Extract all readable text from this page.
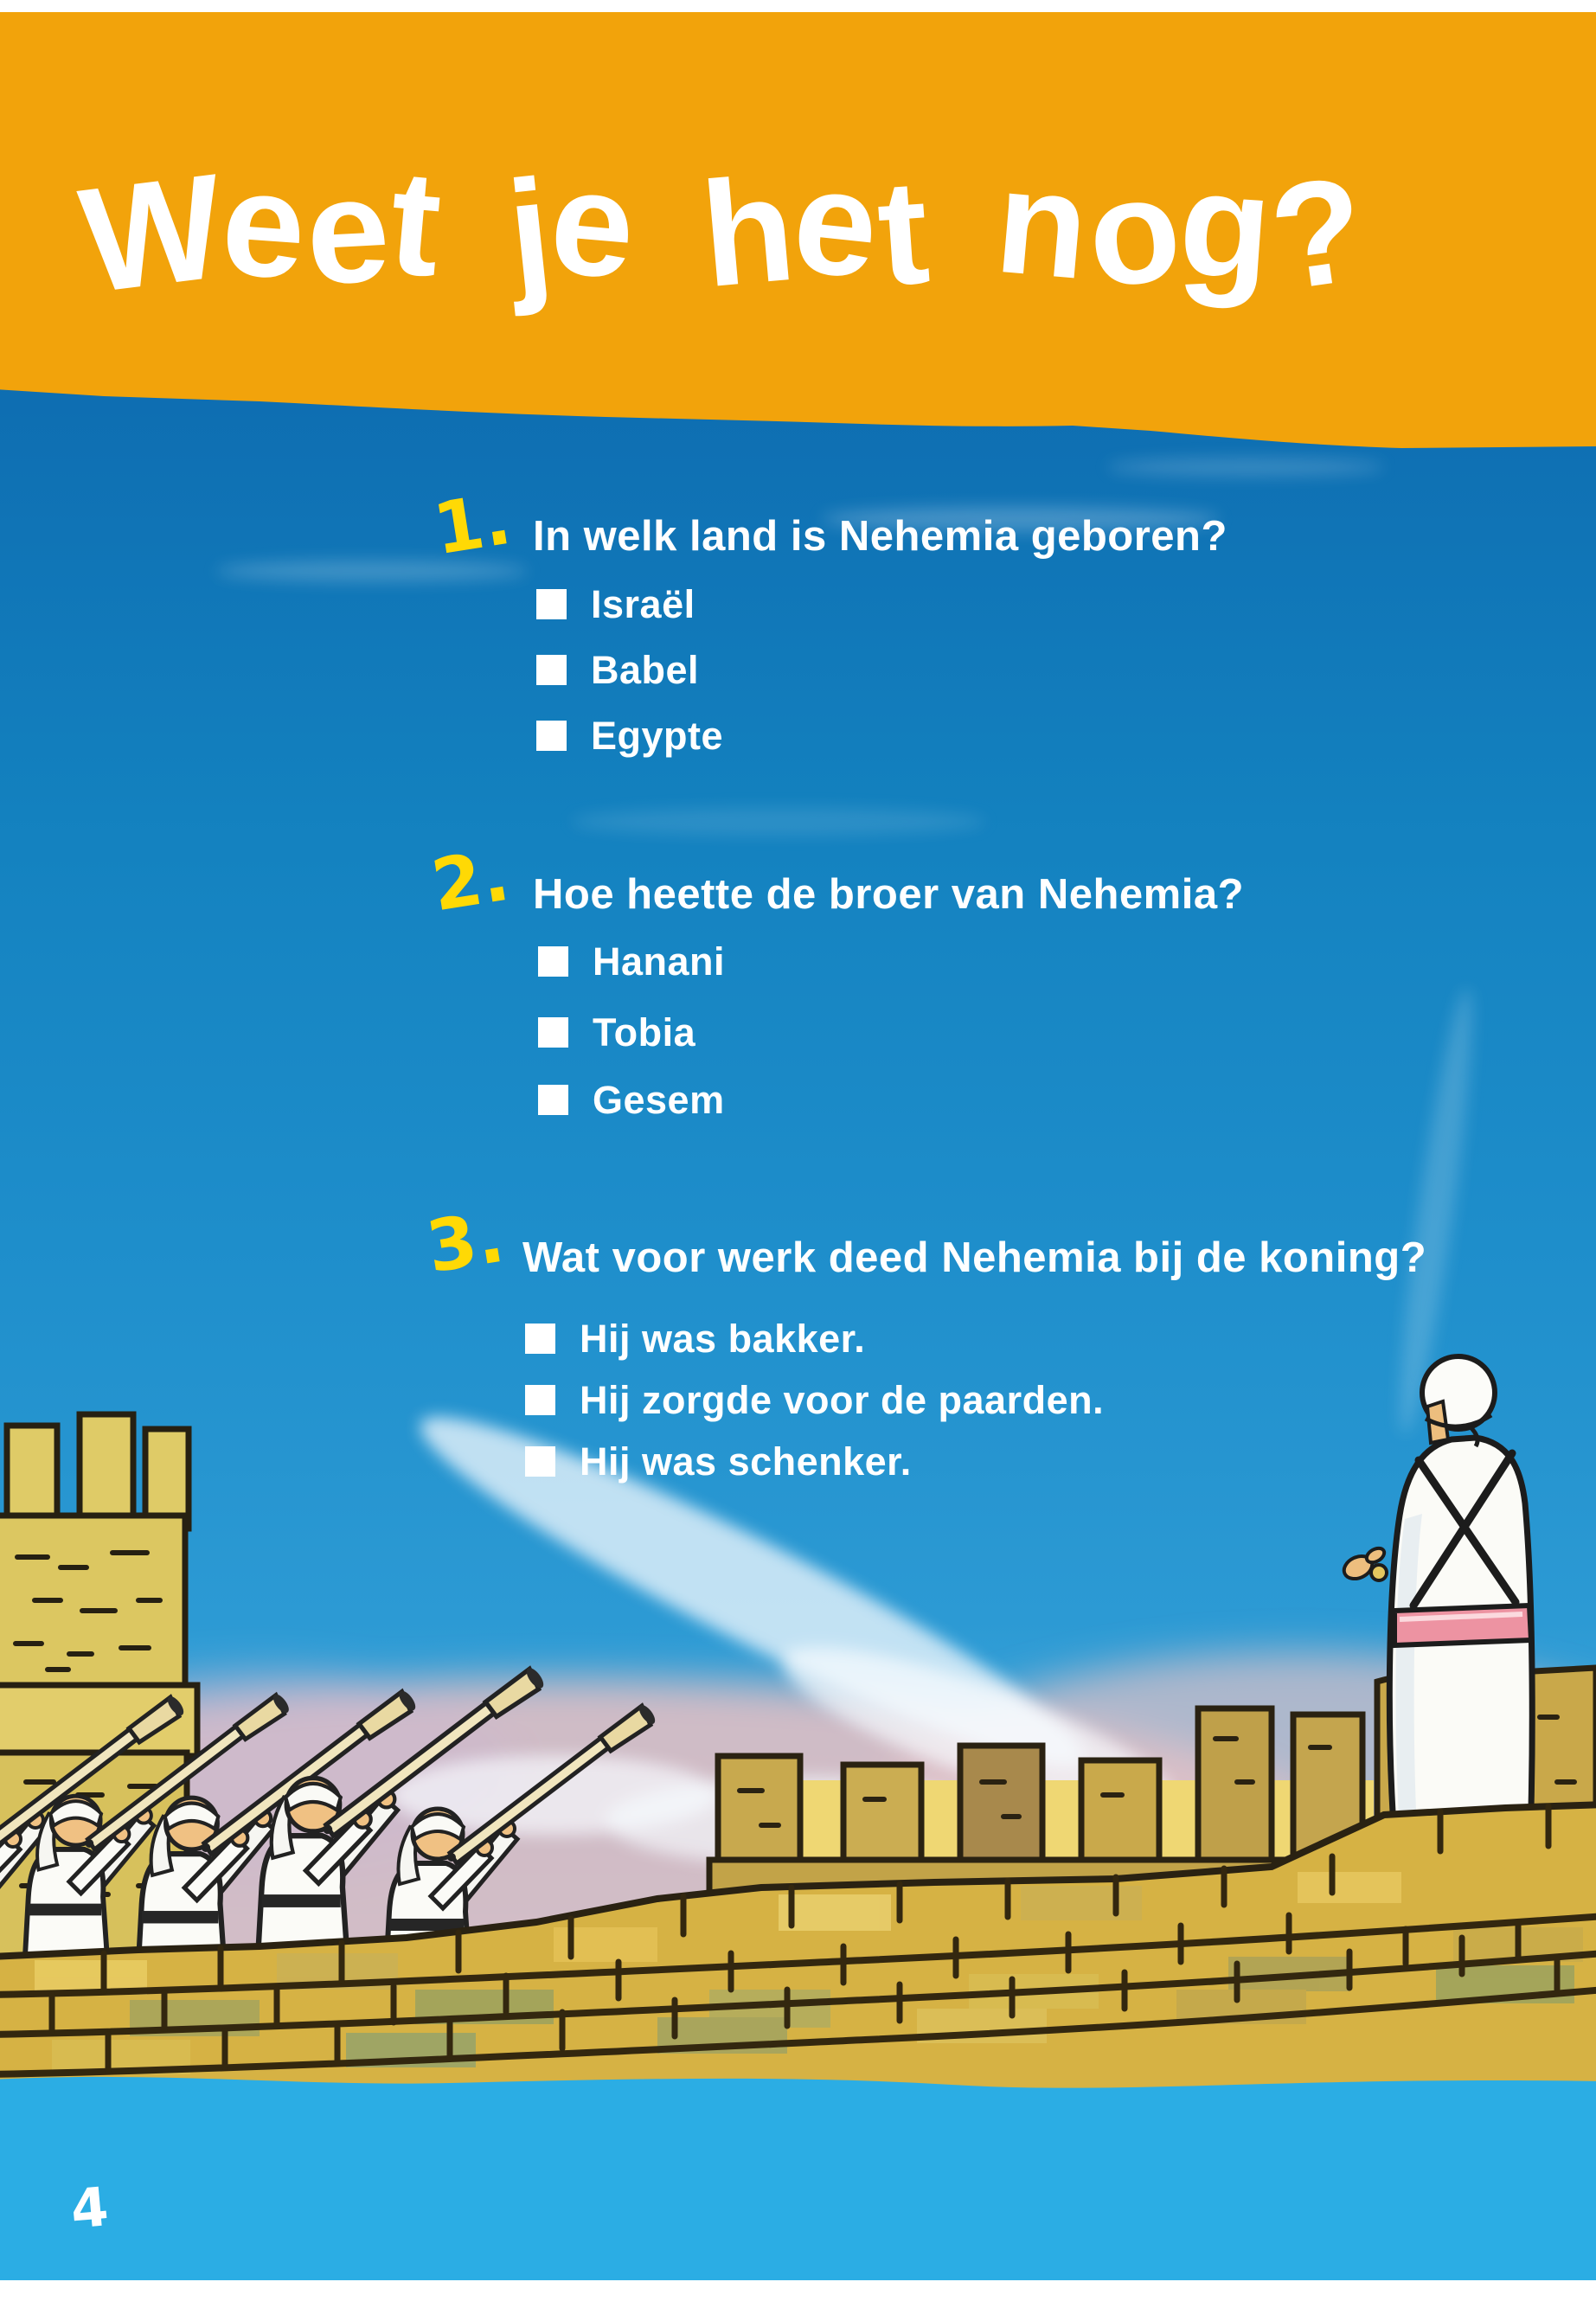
Weet je het nog?
1. In welk land is Nehemia geboren?
Israël
Babel
Egypte
2. Hoe heette de broer van Nehemia?
Hanani
Tobia
Gesem
3. Wat voor werk deed Nehemia bij de koning?
Hij was bakker.
Hij zorgde voor de paarden.
Hij was schenker.
4
